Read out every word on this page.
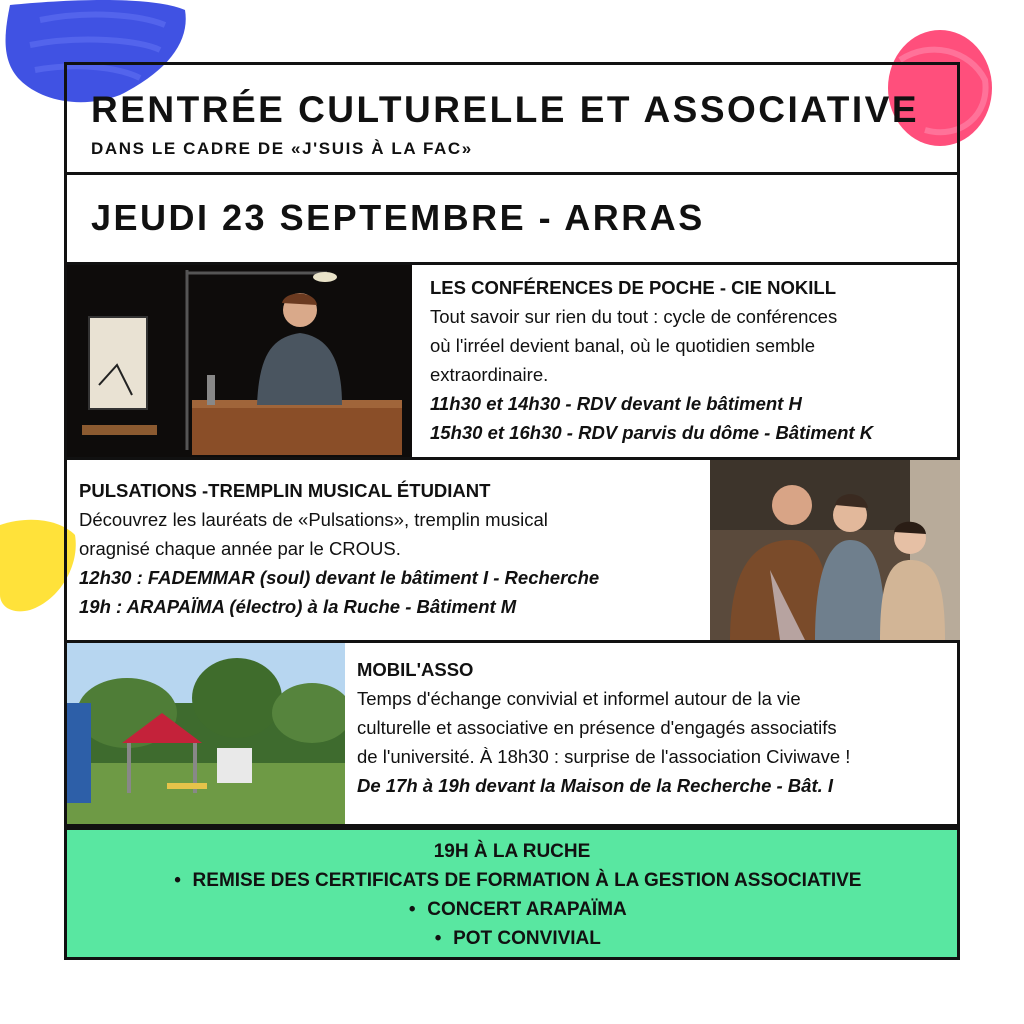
RENTRÉE CULTURELLE ET ASSOCIATIVE
DANS LE CADRE DE «J'SUIS À LA FAC»
JEUDI 23 SEPTEMBRE - ARRAS
LES CONFÉRENCES DE POCHE - CIE NOKILL
Tout savoir sur rien du tout : cycle de conférences
où l'irréel devient banal, où le quotidien semble
extraordinaire.
11h30 et 14h30 - RDV devant le bâtiment H
15h30 et 16h30 - RDV parvis du dôme - Bâtiment K
PULSATIONS -TREMPLIN MUSICAL ÉTUDIANT
Découvrez les lauréats de «Pulsations», tremplin musical
oragnisé chaque année par le CROUS.
12h30 : FADEMMAR (soul) devant le bâtiment I - Recherche
19h : ARAPAÏMA (électro) à la Ruche - Bâtiment M
MOBIL'ASSO
Temps d'échange convivial et informel autour de la vie
culturelle et associative en présence d'engagés associatifs
de l'université. À 18h30 : surprise de l'association Civiwave !
De 17h à 19h devant la Maison de la Recherche - Bât. I
19H À LA RUCHE
• REMISE DES CERTIFICATS DE FORMATION À LA GESTION ASSOCIATIVE
• CONCERT ARAPAÏMA
• POT CONVIVIAL
